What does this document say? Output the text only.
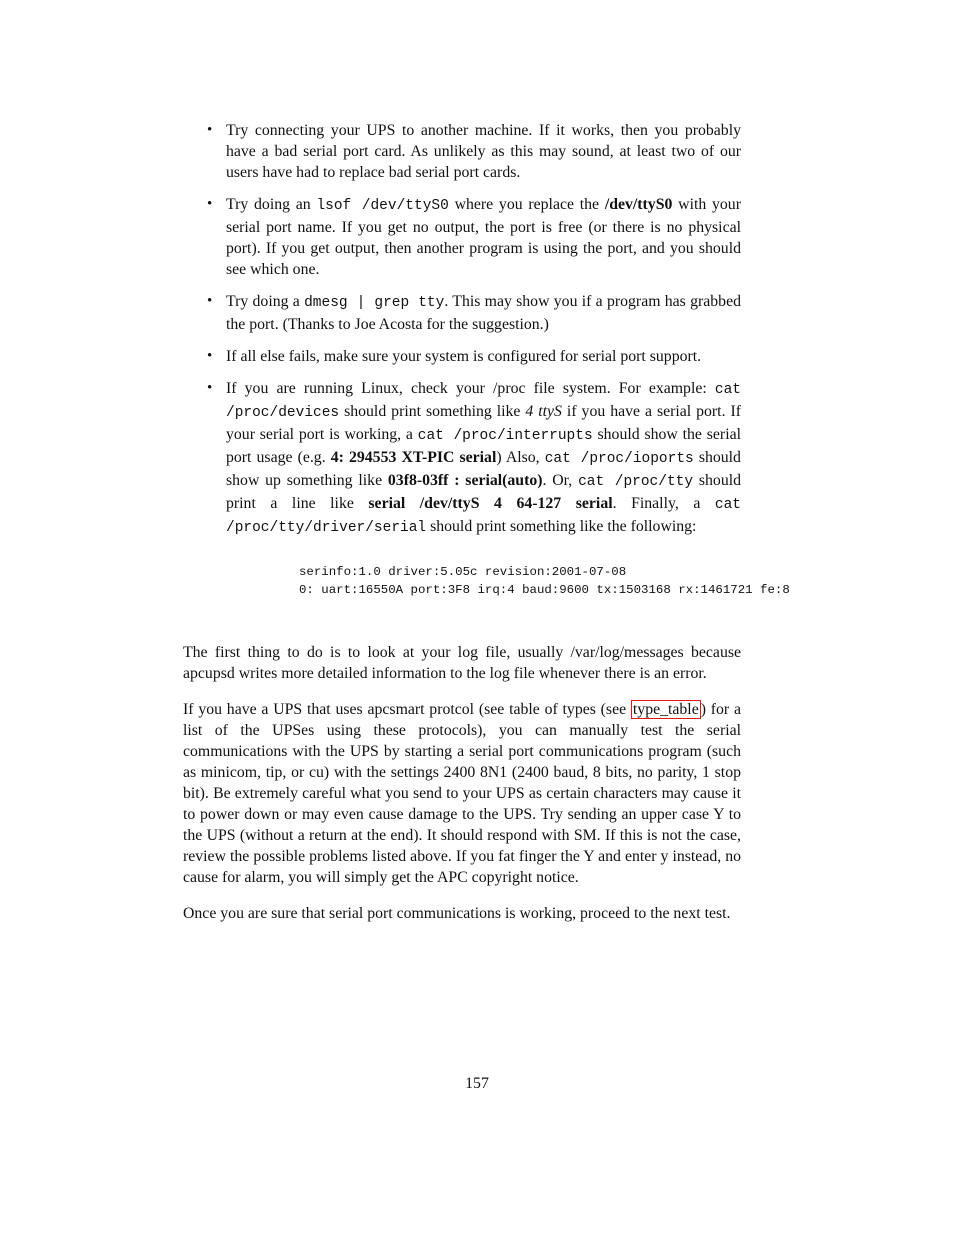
• Try connecting your UPS to another machine. If it works, then you probably have a bad serial port card. As unlikely as this may sound, at least two of our users have had to replace bad serial port cards.
• Try doing an lsof /dev/ttyS0 where you replace the /dev/ttyS0 with your serial port name. If you get no output, the port is free (or there is no physical port). If you get output, then another program is using the port, and you should see which one.
• Try doing a dmesg | grep tty. This may show you if a program has grabbed the port. (Thanks to Joe Acosta for the suggestion.)
• If all else fails, make sure your system is configured for serial port support.
• If you are running Linux, check your /proc file system. For example: cat /proc/devices should print something like 4 ttyS if you have a serial port. If your serial port is working, a cat /proc/interrupts should show the serial port usage (e.g. 4: 294553 XT-PIC serial) Also, cat /proc/ioports should show up something like 03f8-03ff : serial(auto). Or, cat /proc/tty should print a line like serial /dev/ttyS 4 64-127 serial. Finally, a cat /proc/tty/driver/serial should print something like the following:
serinfo:1.0 driver:5.05c revision:2001-07-08
0: uart:16550A port:3F8 irq:4 baud:9600 tx:1503168 rx:1461721 fe:8

The first thing to do is to look at your log file, usually /var/log/messages because apcupsd writes more detailed information to the log file whenever there is an error.

If you have a UPS that uses apcsmart protcol (see table of types (see type_table ) for a list of the UPSes using these protocols), you can manually test the serial communications with the UPS by starting a serial port communications program (such as minicom, tip, or cu) with the settings 2400 8N1 (2400 baud, 8 bits, no parity, 1 stop bit). Be extremely careful what you send to your UPS as certain characters may cause it to power down or may even cause damage to the UPS. Try sending an upper case Y to the UPS (without a return at the end). It should respond with SM. If this is not the case, review the possible problems listed above. If you fat finger the Y and enter y instead, no cause for alarm, you will simply get the APC copyright notice.

Once you are sure that serial port communications is working, proceed to the next test.

157
